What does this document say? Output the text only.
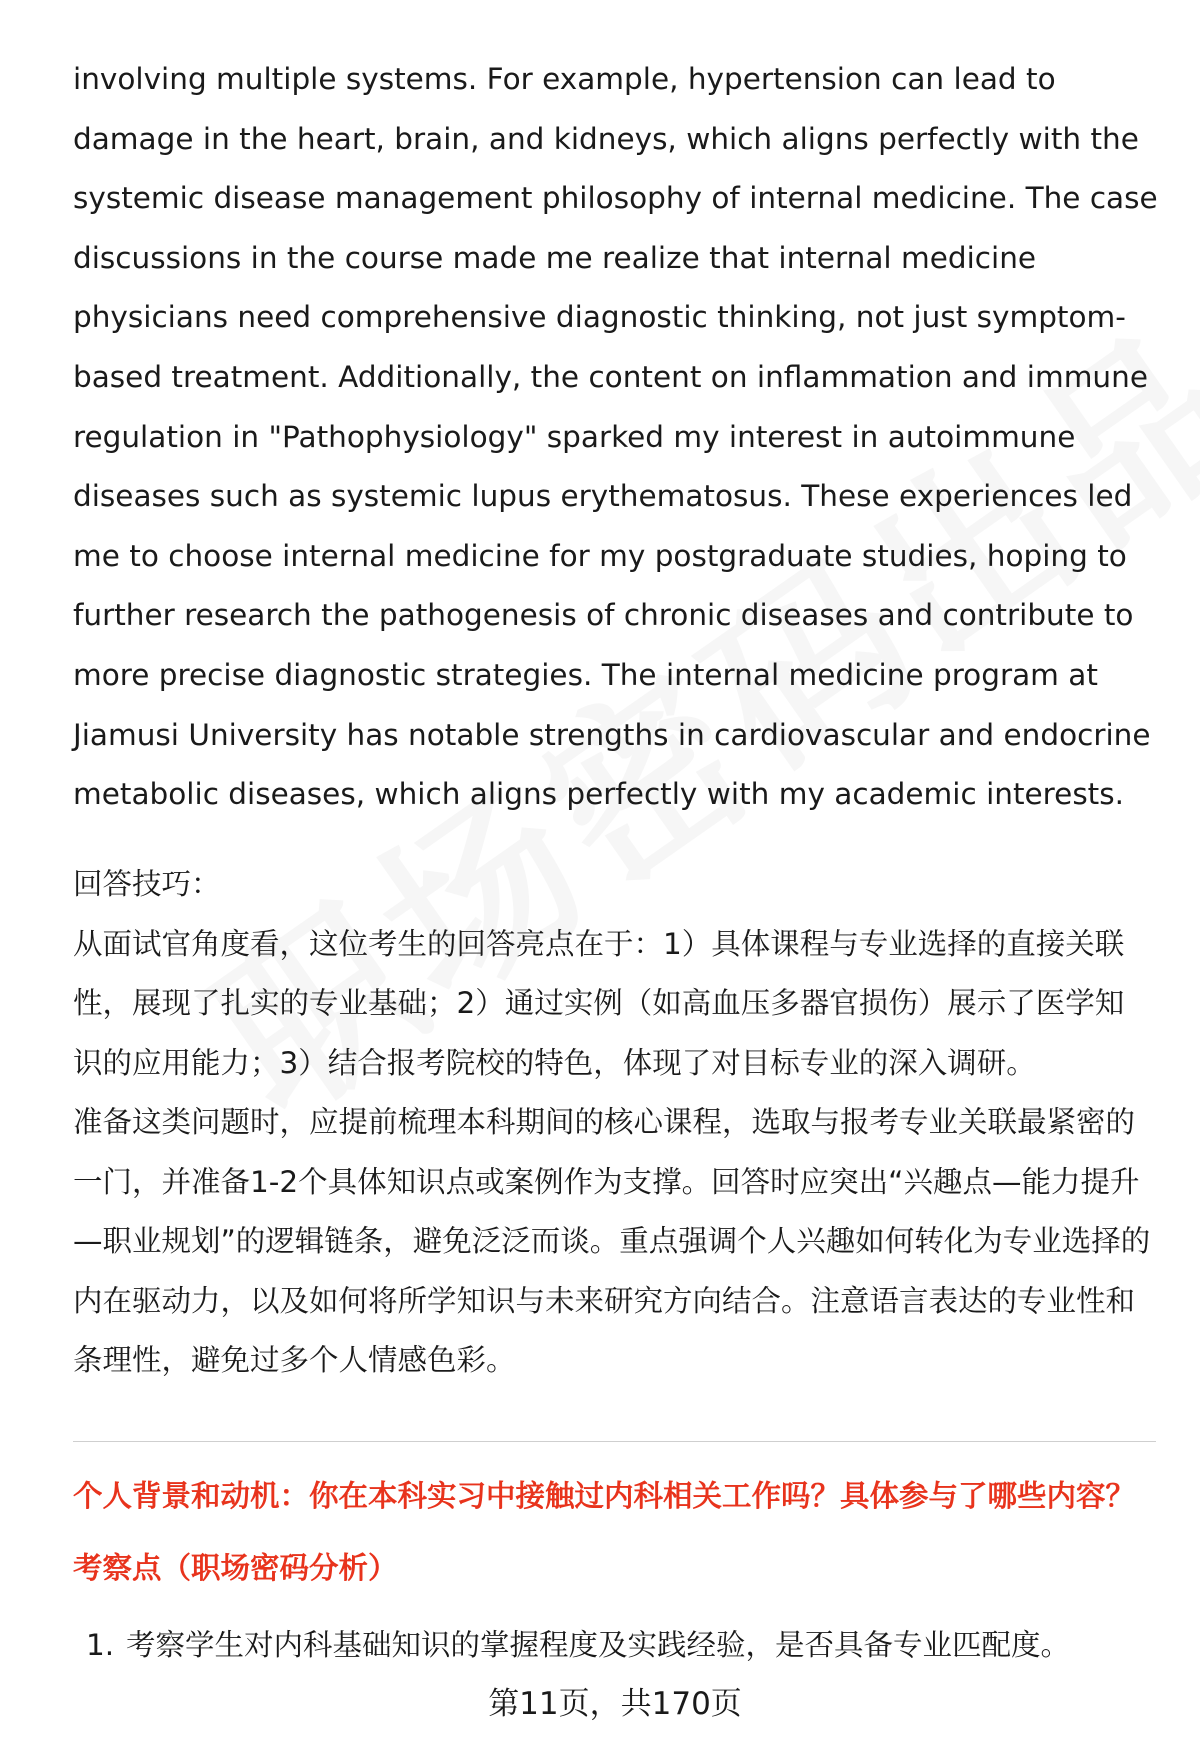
involving multiple systems. For example, hypertension can lead to damage in the heart, brain, and kidneys, which aligns perfectly with the systemic disease management philosophy of internal medicine. The case discussions in the course made me realize that internal medicine physicians need comprehensive diagnostic thinking, not just symptom-based treatment. Additionally, the content on inflammation and immune regulation in "Pathophysiology" sparked my interest in autoimmune diseases such as systemic lupus erythematosus. These experiences led me to choose internal medicine for my postgraduate studies, hoping to further research the pathogenesis of chronic diseases and contribute to more precise diagnostic strategies. The internal medicine program at Jiamusi University has notable strengths in cardiovascular and endocrine metabolic diseases, which aligns perfectly with my academic interests.

回答技巧：

从面试官角度看，这位考生的回答亮点在于：1）具体课程与专业选择的直接关联性，展现了扎实的专业基础；2）通过实例（如高血压多器官损伤）展示了医学知识的应用能力；3）结合报考院校的特色，体现了对目标专业的深入调研。

准备这类问题时，应提前梳理本科期间的核心课程，选取与报考专业关联最紧密的一门，并准备1-2个具体知识点或案例作为支撑。回答时应突出“兴趣点—能力提升—职业规划”的逻辑链条，避免泛泛而谈。重点强调个人兴趣如何转化为专业选择的内在驱动力，以及如何将所学知识与未来研究方向结合。注意语言表达的专业性和条理性，避免过多个人情感色彩。

个人背景和动机：你在本科实习中接触过内科相关工作吗？具体参与了哪些内容？

考察点（职场密码分析）

1. 考察学生对内科基础知识的掌握程度及实践经验，是否具备专业匹配度。

第11页，共170页
